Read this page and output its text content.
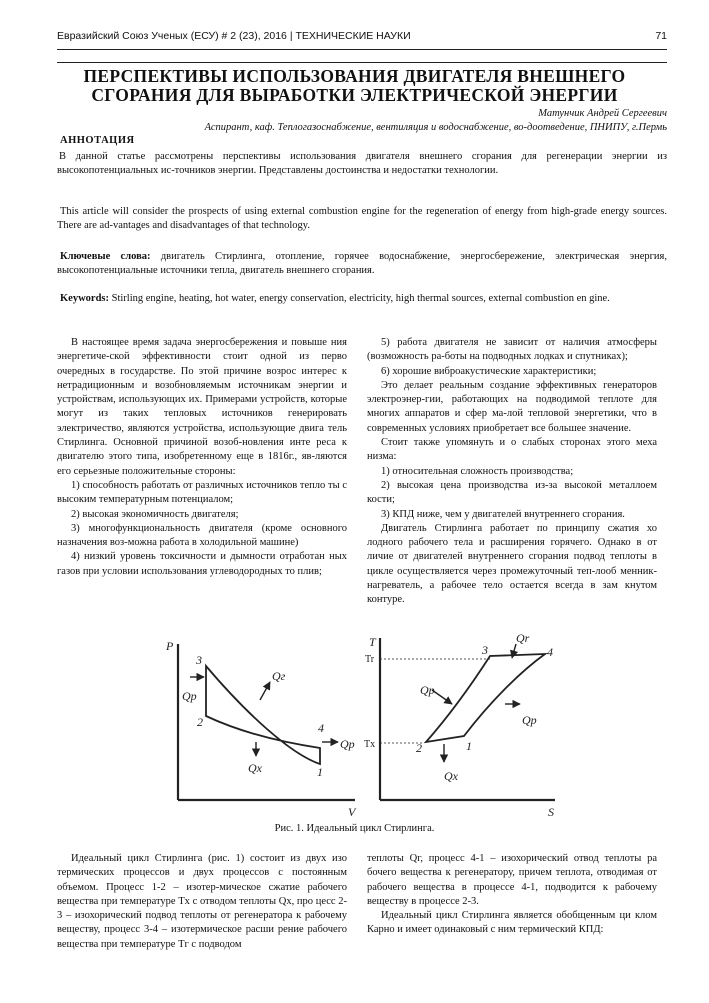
Евразийский Союз Ученых (ЕСУ) # 2 (23), 2016 | ТЕХНИЧЕСКИЕ НАУКИ	71
ПЕРСПЕКТИВЫ ИСПОЛЬЗОВАНИЯ ДВИГАТЕЛЯ ВНЕШНЕГО
СГОРАНИЯ ДЛЯ ВЫРАБОТКИ ЭЛЕКТРИЧЕСКОЙ ЭНЕРГИИ
Матунчик Андрей Сергеевич
Аспирант, каф. Теплогазоснабжение, вентиляция и водоснабжение, во-доотведение, ПНИПУ, г.Пермь
АННОТАЦИЯ
В данной статье рассмотрены перспективы использования двигателя внешнего сгорания для регенерации энергии из высокопотенциальных ис-точников энергии. Представлены достоинства и недостатки технологии.
This article will consider the prospects of using external combustion engine for the regeneration of energy from high-grade energy sources. There are ad-vantages and disadvantages of that technology.
Ключевые слова: двигатель Стирлинга, отопление, горячее водоснабжение, энергосбережение, электрическая энергия, высокопотенциальные источники тепла, двигатель внешнего сгорания.
Keywords: Stirling engine, heating, hot water, energy conservation, electricity, high thermal sources, external combustion en gine.

В настоящее время задача энергосбережения и повыше ния энергетиче-ской эффективности стоит одной из перво очередных в государстве. По этой причине возрос интерес к нетрадиционным и возобновляемым источникам энергии и устройствам, использующих их. Примерами устройств, которые могут из таких тепловых источников генерировать электричество, являются устройства, использующие двига тель Стирлинга. Основной причиной возоб-новления инте реса к двигателю этого типа, изобретенному еще в 1816г., яв-ляются его серьезные положительные стороны:

1) способность работать от различных источников тепло ты с высоким температурным потенциалом;

2) высокая экономичность двигателя;

3) многофункциональность двигателя (кроме основного назначения воз-можна работа в холодильной машине)

4) низкий уровень токсичности и дымности отработан ных газов при условии использования углеводородных то плив;

5) работа двигателя не зависит от наличия атмосферы (возможность ра-боты на подводных лодках и спутниках);

6) хорошие виброакустические характеристики;

Это делает реальным создание эффективных генераторов электроэнер-гии, работающих на подводимой теплоте для многих аппаратов и сфер ма-лой тепловой энергетики, что в современных условиях приобретает все большее значение.

Стоит также упомянуть и о слабых сторонах этого меха низма:

1) относительная сложность производства;

2) высокая цена производства из-за высокой металлоем кости;

3) КПД ниже, чем у двигателей внутреннего сгорания.

Двигатель Стирлинга работает по принципу сжатия хо лодного рабочего тела и расширения горячего. Однако в от личие от двигателей внутреннего сгорания подвод теплоты в цикле осуществляется через промежуточный теп-лооб менник-нагреватель, а рабочее тело остается всегда в зам кнутом контуре.

P
V
3
2	4
1
Qр
Qг
Qр
Qх
T
S
Tr
Tх
3	4
2	1
Qr
Qр
Qр
Qх
Рис. 1. Идеальный цикл Стирлинга.

Идеальный цикл Стирлинга (рис. 1) состоит из двух изо термических процессов и двух процессов с постоянным объемом. Процесс 1-2 – изотер-мическое сжатие рабочего вещества при температуре Tx с отводом теплоты Qx, про цесс 2-3 – изохорический подвод теплоты от регенератора к рабочему веществу, процесс 3-4 – изотермическое расши рение рабочего вещества при температуре Tг с подводом

теплоты Qг, процесс 4-1 – изохорический отвод теплоты ра бочего вещества к регенератору, причем теплота, отводимая от рабочего вещества в процессе 4-1, подводится к рабочему веществу в процессе 2-3.

Идеальный цикл Стирлинга является обобщенным ци клом Карно и имеет одинаковый с ним термический КПД:
